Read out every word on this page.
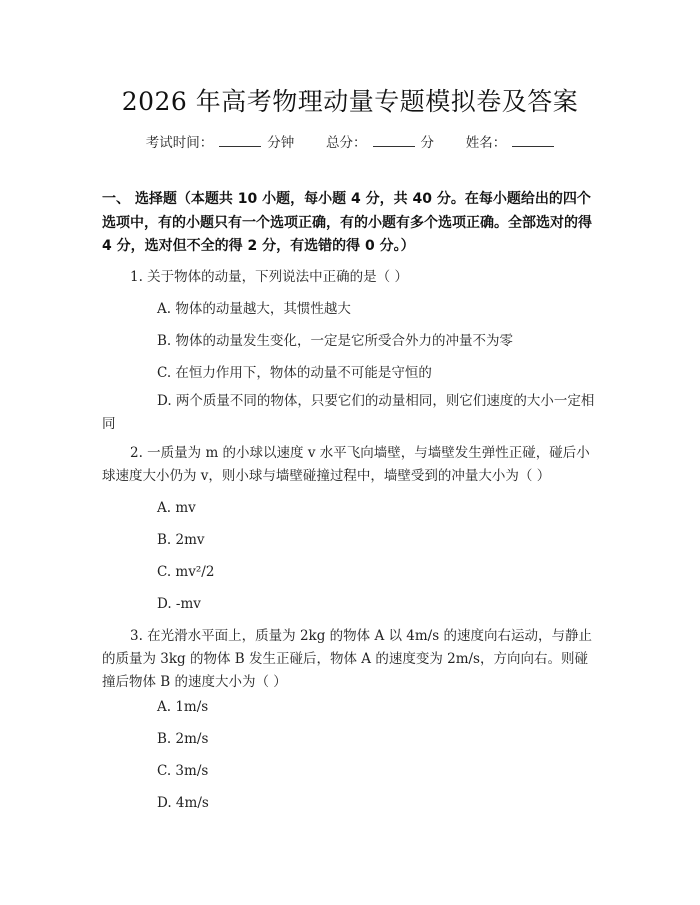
2026 年高考物理动量专题模拟卷及答案
考试时间：	分钟 总分：	分 姓名：
一、 选择题（本题共 10 小题，每小题 4 分，共 40 分。在每小题给出的四个选项中，有的小题只有一个选项正确，有的小题有多个选项正确。全部选对的得 4 分，选对但不全的得 2 分，有选错的得 0 分。）
1. 关于物体的动量，下列说法中正确的是（ ）
A. 物体的动量越大，其惯性越大
B. 物体的动量发生变化，一定是它所受合外力的冲量不为零
C. 在恒力作用下，物体的动量不可能是守恒的
D. 两个质量不同的物体，只要它们的动量相同，则它们速度的大小一定相同
2. 一质量为 m 的小球以速度 v 水平飞向墙壁，与墙壁发生弹性正碰，碰后小球速度大小仍为 v，则小球与墙壁碰撞过程中，墙壁受到的冲量大小为（ ）
A. mv
B. 2mv
C. mv²/2
D. -mv
3. 在光滑水平面上，质量为 2kg 的物体 A 以 4m/s 的速度向右运动，与静止的质量为 3kg 的物体 B 发生正碰后，物体 A 的速度变为 2m/s，方向向右。则碰撞后物体 B 的速度大小为（ ）
A. 1m/s
B. 2m/s
C. 3m/s
D. 4m/s
